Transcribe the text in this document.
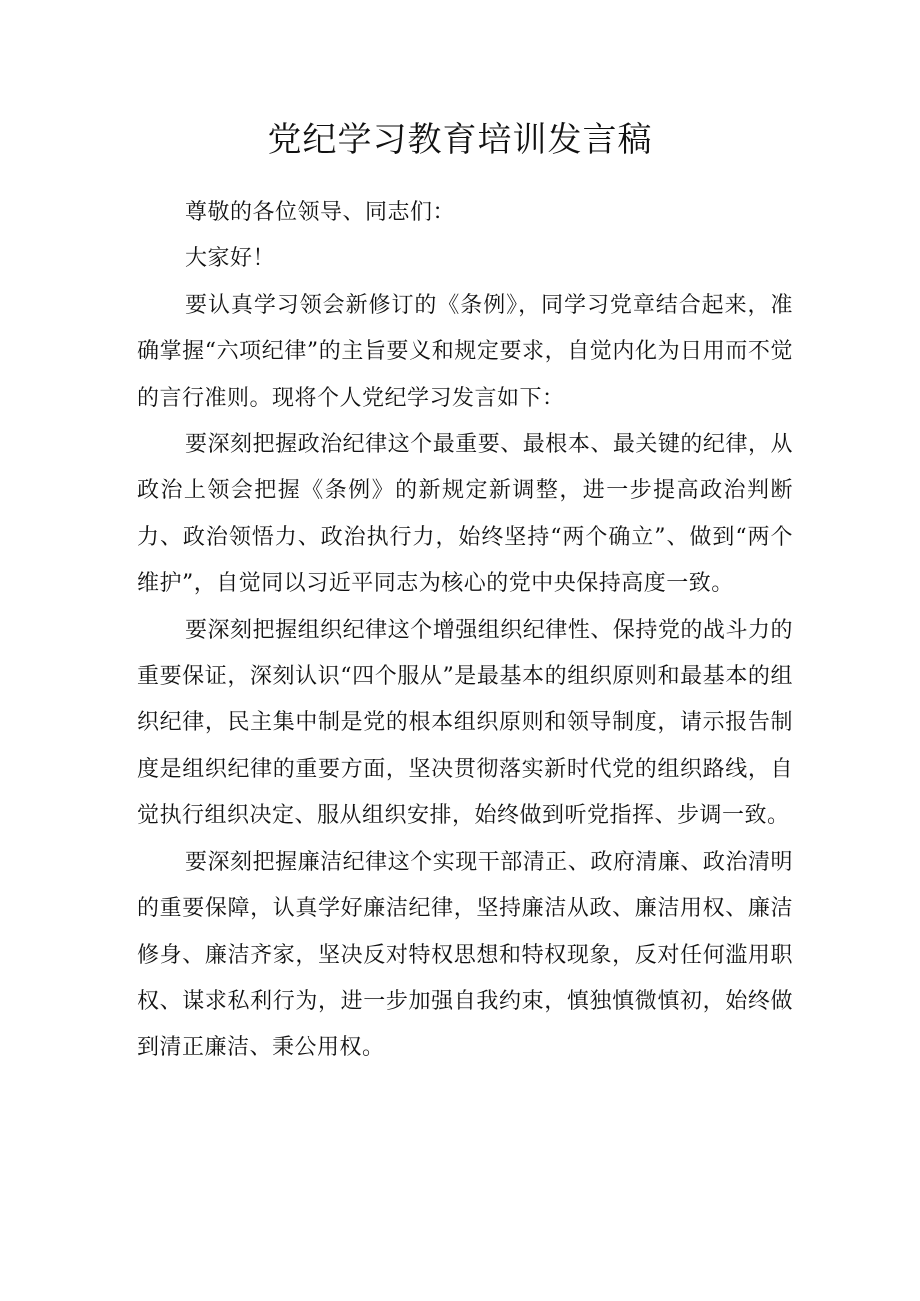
党纪学习教育培训发言稿

尊敬的各位领导、同志们：

大家好！

要认真学习领会新修订的《条例》，同学习党章结合起来，准确掌握“六项纪律”的主旨要义和规定要求，自觉内化为日用而不觉的言行准则。现将个人党纪学习发言如下：

要深刻把握政治纪律这个最重要、最根本、最关键的纪律，从政治上领会把握《条例》的新规定新调整，进一步提高政治判断力、政治领悟力、政治执行力，始终坚持“两个确立”、做到“两个维护”，自觉同以习近平同志为核心的党中央保持高度一致。

要深刻把握组织纪律这个增强组织纪律性、保持党的战斗力的重要保证，深刻认识“四个服从”是最基本的组织原则和最基本的组织纪律，民主集中制是党的根本组织原则和领导制度，请示报告制度是组织纪律的重要方面，坚决贯彻落实新时代党的组织路线，自觉执行组织决定、服从组织安排，始终做到听党指挥、步调一致。

要深刻把握廉洁纪律这个实现干部清正、政府清廉、政治清明的重要保障，认真学好廉洁纪律，坚持廉洁从政、廉洁用权、廉洁修身、廉洁齐家，坚决反对特权思想和特权现象，反对任何滥用职权、谋求私利行为，进一步加强自我约束，慎独慎微慎初，始终做到清正廉洁、秉公用权。
